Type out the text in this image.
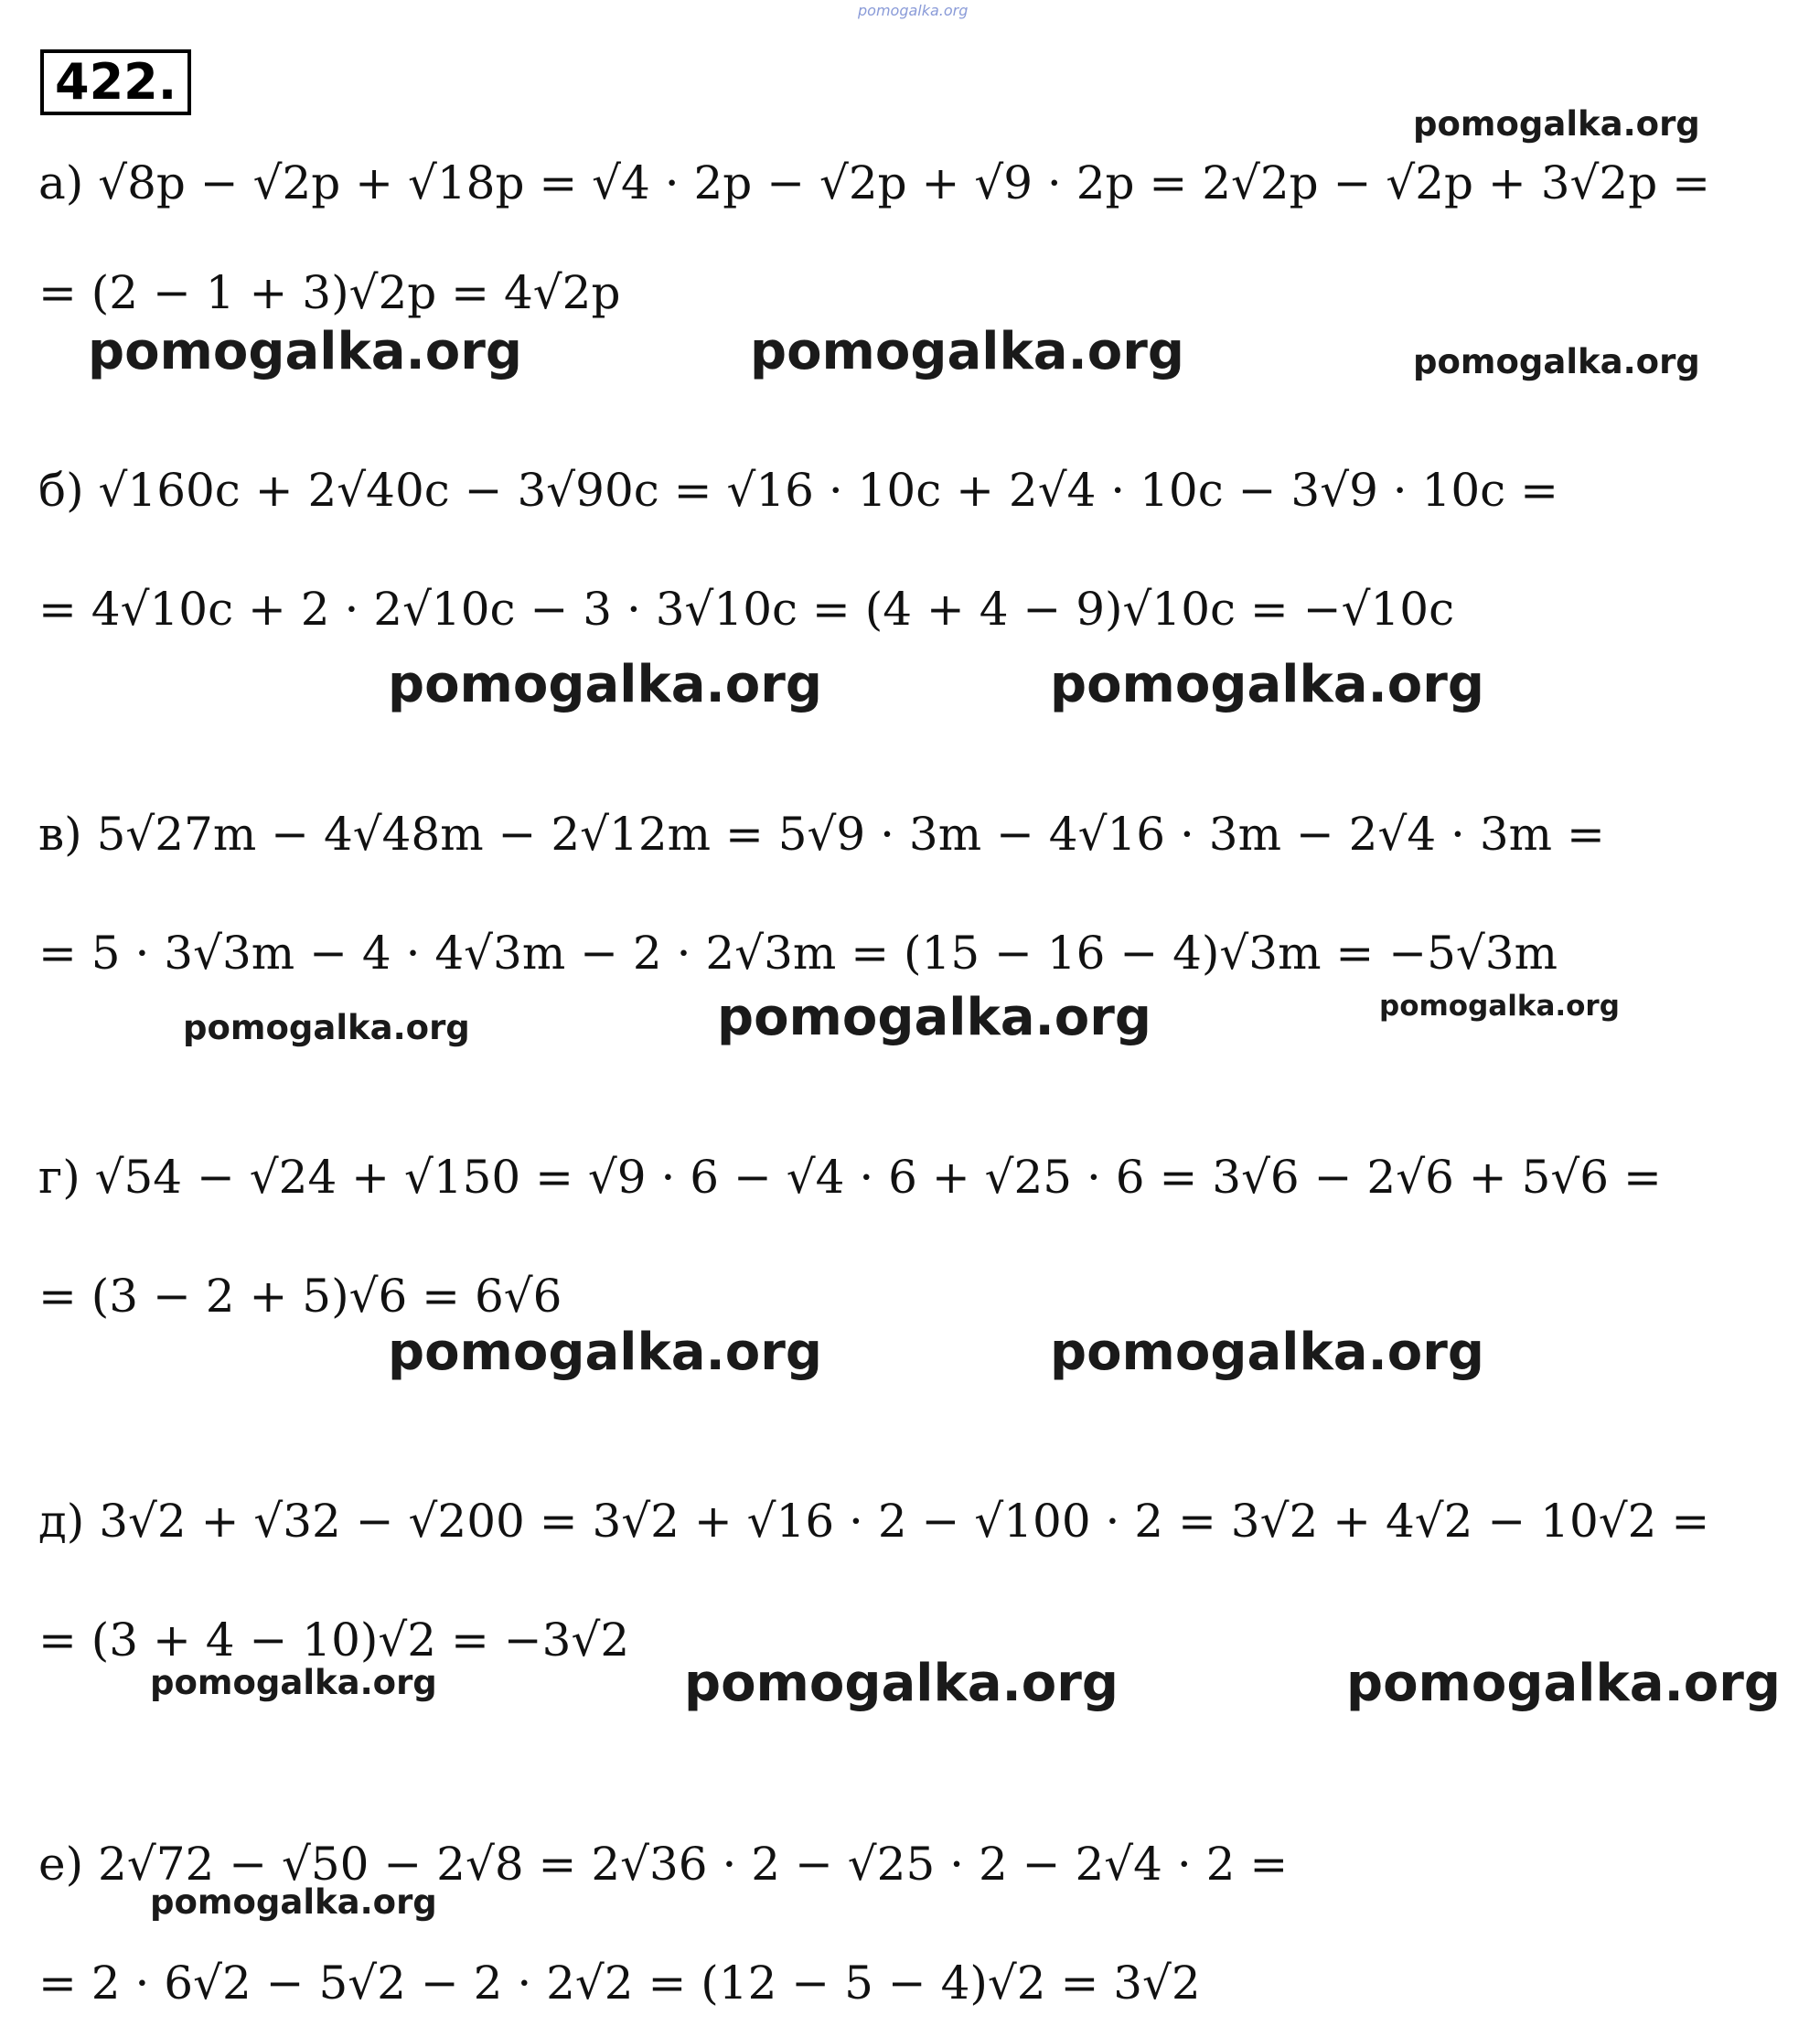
pomogalka.org
422.
а) √8p − √2p + √18p = √4 · 2p − √2p + √9 · 2p = 2√2p − √2p + 3√2p =
= (2 − 1 + 3)√2p = 4√2p
б) √160c + 2√40c − 3√90c = √16 · 10c + 2√4 · 10c − 3√9 · 10c =
= 4√10c + 2 · 2√10c − 3 · 3√10c = (4 + 4 − 9)√10c = −√10c
в) 5√27m − 4√48m − 2√12m = 5√9 · 3m − 4√16 · 3m − 2√4 · 3m =
= 5 · 3√3m − 4 · 4√3m − 2 · 2√3m = (15 − 16 − 4)√3m = −5√3m
г) √54 − √24 + √150 = √9 · 6 − √4 · 6 + √25 · 6 = 3√6 − 2√6 + 5√6 =
= (3 − 2 + 5)√6 = 6√6
д) 3√2 + √32 − √200 = 3√2 + √16 · 2 − √100 · 2 = 3√2 + 4√2 − 10√2 =
= (3 + 4 − 10)√2 = −3√2
е) 2√72 − √50 − 2√8 = 2√36 · 2 − √25 · 2 − 2√4 · 2 =
= 2 · 6√2 − 5√2 − 2 · 2√2 = (12 − 5 − 4)√2 = 3√2
pomogalka.org
pomogalka.org	pomogalka.org	pomogalka.org
pomogalka.org	pomogalka.org
pomogalka.org	pomogalka.org	pomogalka.org
pomogalka.org	pomogalka.org
pomogalka.org	pomogalka.org	pomogalka.org
pomogalka.org
